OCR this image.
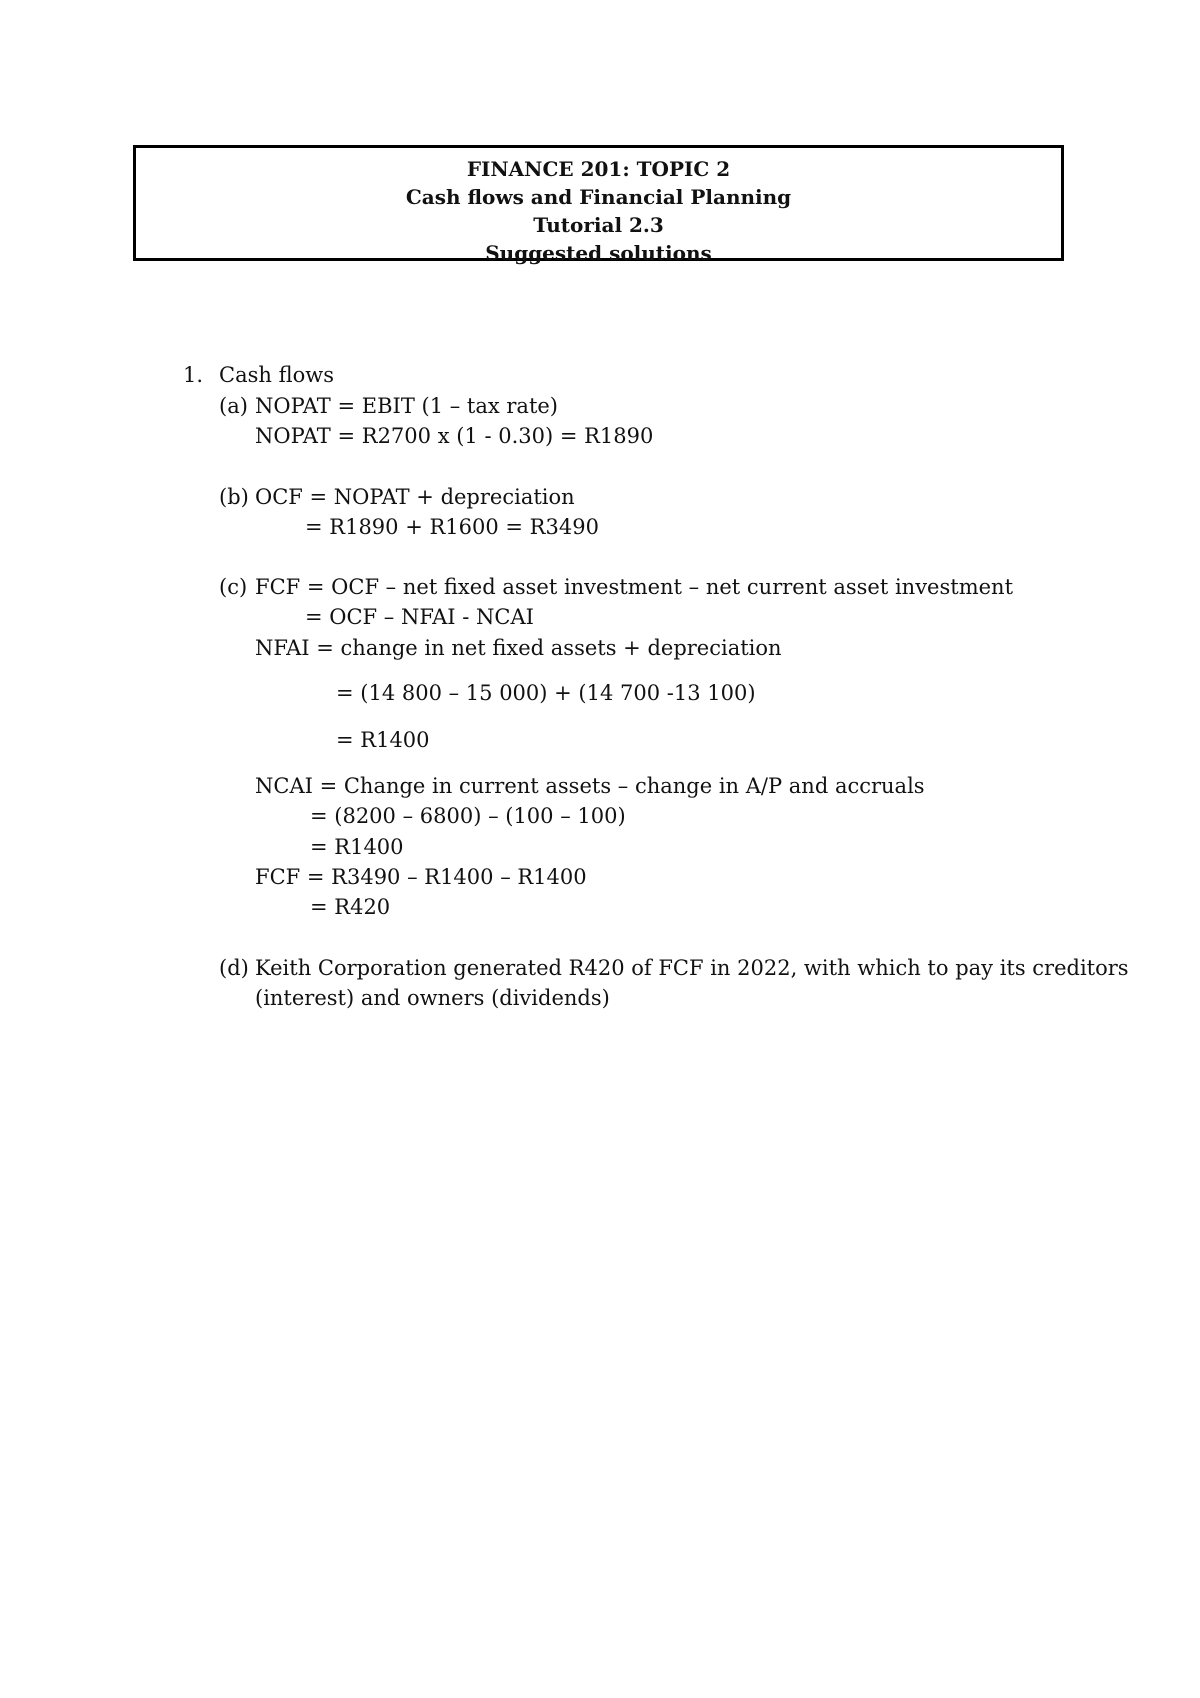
FINANCE 201: TOPIC 2
Cash flows and Financial Planning
Tutorial 2.3
Suggested solutions
1. Cash flows
(a) NOPAT = EBIT (1 – tax rate)
NOPAT = R2700 x (1 - 0.30) = R1890
(b) OCF = NOPAT + depreciation
= R1890 + R1600 = R3490
(c) FCF = OCF – net fixed asset investment – net current asset investment
= OCF – NFAI - NCAI
NFAI = change in net fixed assets + depreciation
= (14 800 – 15 000) + (14 700 -13 100)
= R1400
NCAI = Change in current assets – change in A/P and accruals
= (8200 – 6800) – (100 – 100)
= R1400
FCF = R3490 – R1400 – R1400
= R420
(d) Keith Corporation generated R420 of FCF in 2022, with which to pay its creditors
(interest) and owners (dividends)
